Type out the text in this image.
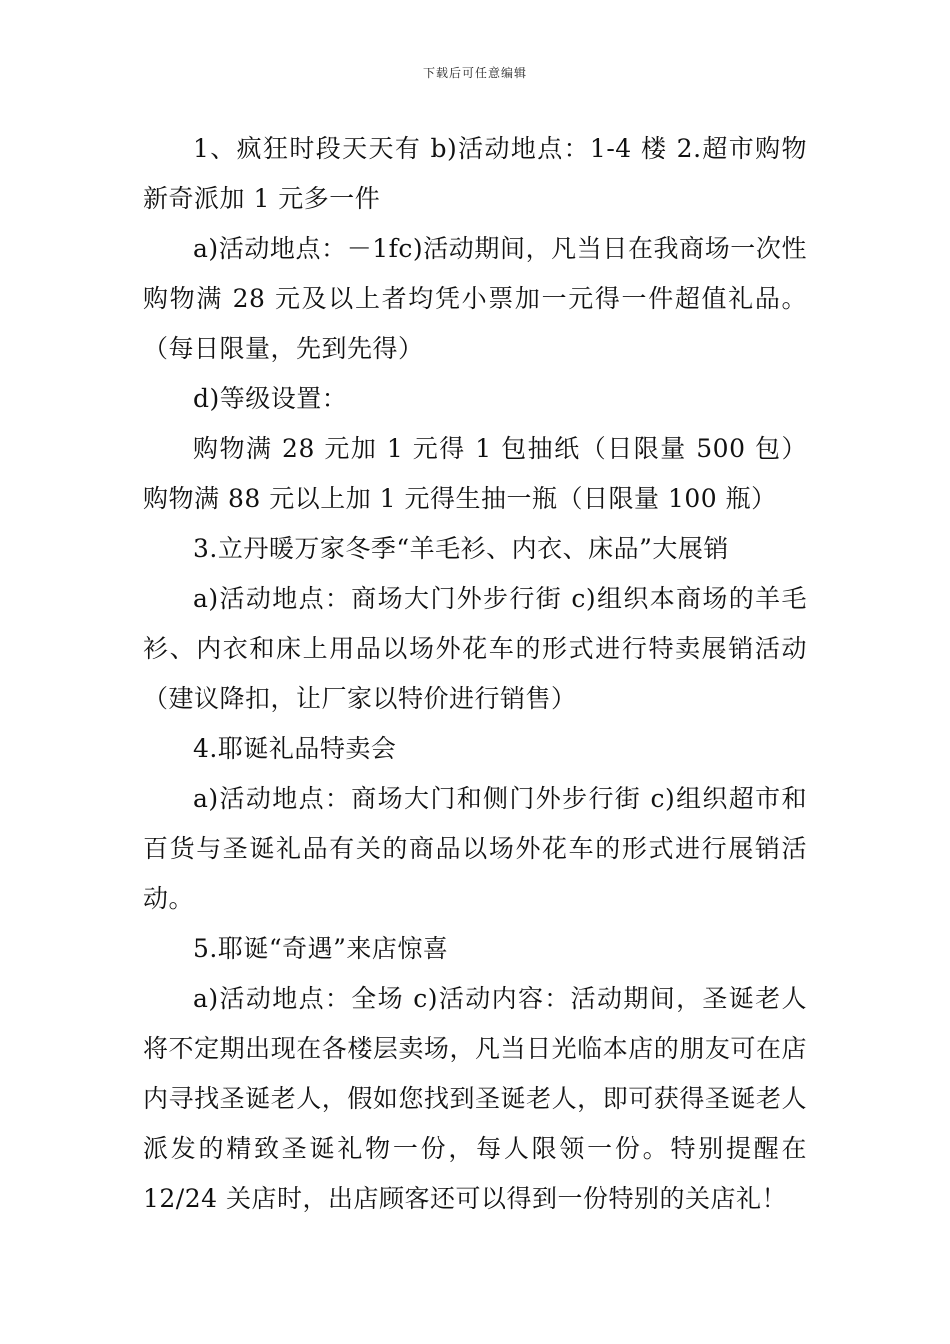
下载后可任意编辑

1、疯狂时段天天有 b)活动地点：1-4 楼 2.超市购物新奇派加 1 元多一件

a)活动地点：－1fc)活动期间，凡当日在我商场一次性购物满 28 元及以上者均凭小票加一元得一件超值礼品。（每日限量，先到先得）

d)等级设置：

购物满 28 元加 1 元得 1 包抽纸（日限量 500 包）购物满 88 元以上加 1 元得生抽一瓶（日限量 100 瓶）

3.立丹暖万家冬季“羊毛衫、内衣、床品”大展销

a)活动地点：商场大门外步行街 c)组织本商场的羊毛衫、内衣和床上用品以场外花车的形式进行特卖展销活动（建议降扣，让厂家以特价进行销售）

4.耶诞礼品特卖会

a)活动地点：商场大门和侧门外步行街 c)组织超市和百货与圣诞礼品有关的商品以场外花车的形式进行展销活动。

5.耶诞“奇遇”来店惊喜

a)活动地点：全场 c)活动内容：活动期间，圣诞老人将不定期出现在各楼层卖场，凡当日光临本店的朋友可在店内寻找圣诞老人，假如您找到圣诞老人，即可获得圣诞老人派发的精致圣诞礼物一份，每人限领一份。特别提醒在 12/24 关店时，出店顾客还可以得到一份特别的关店礼！
